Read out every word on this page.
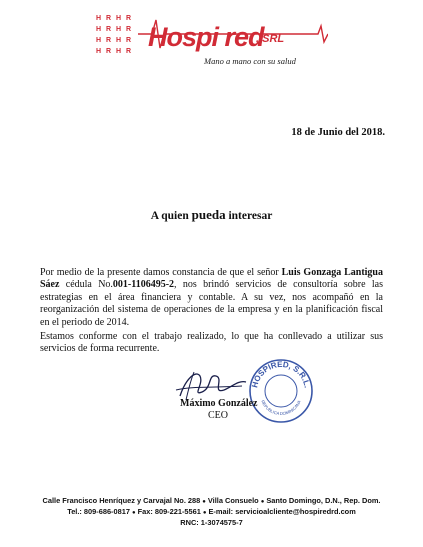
H R H R
H R H R
H R H R
H R H R Hospi red
, SRL
Mano a mano con su salud
18 de Junio del 2018.
A quien pueda interesar
Por medio de la presente damos constancia de que el señor Luis Gonzaga Lantigua Sáez cédula No.001-1106495-2, nos brindó servicios de consultoría sobre las estrategias en el área financiera y contable. A su vez, nos acompañó en la reorganización del sistema de operaciones de la empresa y en la planificación fiscal en el periodo de 2014.
Estamos conforme con el trabajo realizado, lo que ha conllevado a utilizar sus servicios de forma recurrente.
HOSPIRED, S.R.L.
REPUBLICA DOMINICANA
Máximo González
CEO
Calle Francisco Henríquez y Carvajal No. 288 ● Villa Consuelo ● Santo Domingo, D.N., Rep. Dom.
Tel.: 809-686-0817 ● Fax: 809-221-5561 ● E-mail: servicioalcliente@hospiredrd.com
RNC: 1-3074575-7
